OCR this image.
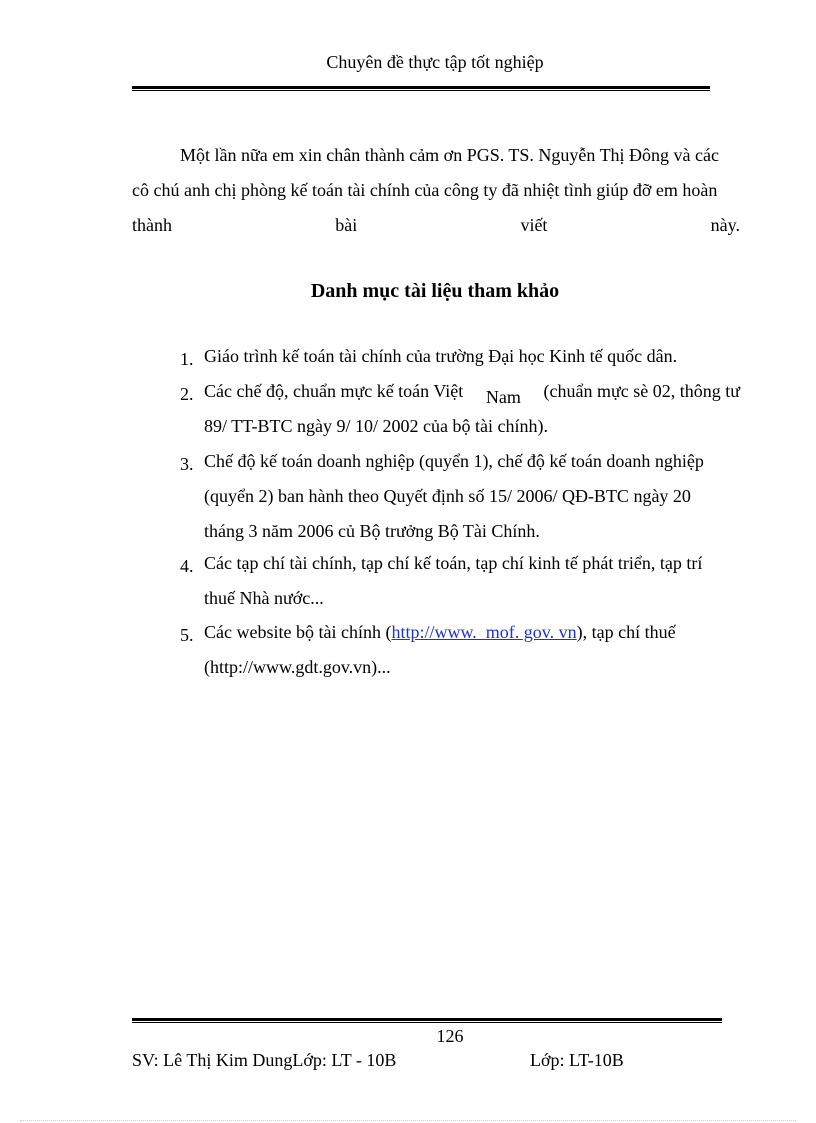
Chuyên đề thực tập tốt nghiệp
Một lần nữa em xin chân thành cảm ơn PGS. TS. Nguyễn Thị Đông và các
cô chú anh chị phòng kế toán tài chính của công ty đã nhiệt tình giúp đỡ em hoàn
thành	bài	viết	này.
Danh mục tài liệu tham khảo
1. Giáo trình kế toán tài chính của trường Đại học Kinh tế quốc dân.
2. Các chế độ, chuẩn mực kế toán Việt Nam (chuẩn mực sè 02, thông tư
89/ TT-BTC ngày 9/ 10/ 2002 của bộ tài chính).
3. Chế độ kế toán doanh nghiệp (quyển 1), chế độ kế toán doanh nghiệp
(quyển 2) ban hành theo Quyết định số 15/ 2006/ QĐ-BTC ngày 20
tháng 3 năm 2006 củ Bộ trưởng Bộ Tài Chính.
4. Các tạp chí tài chính, tạp chí kế toán, tạp chí kinh tế phát triển, tạp trí
thuế Nhà nước...
5. Các website bộ tài chính (http://www.  mof. gov. vn), tạp chí thuế
(http://www.gdt.gov.vn)...
126
SV: Lê Thị Kim DungLớp: LT - 10B	Lớp: LT-10B
